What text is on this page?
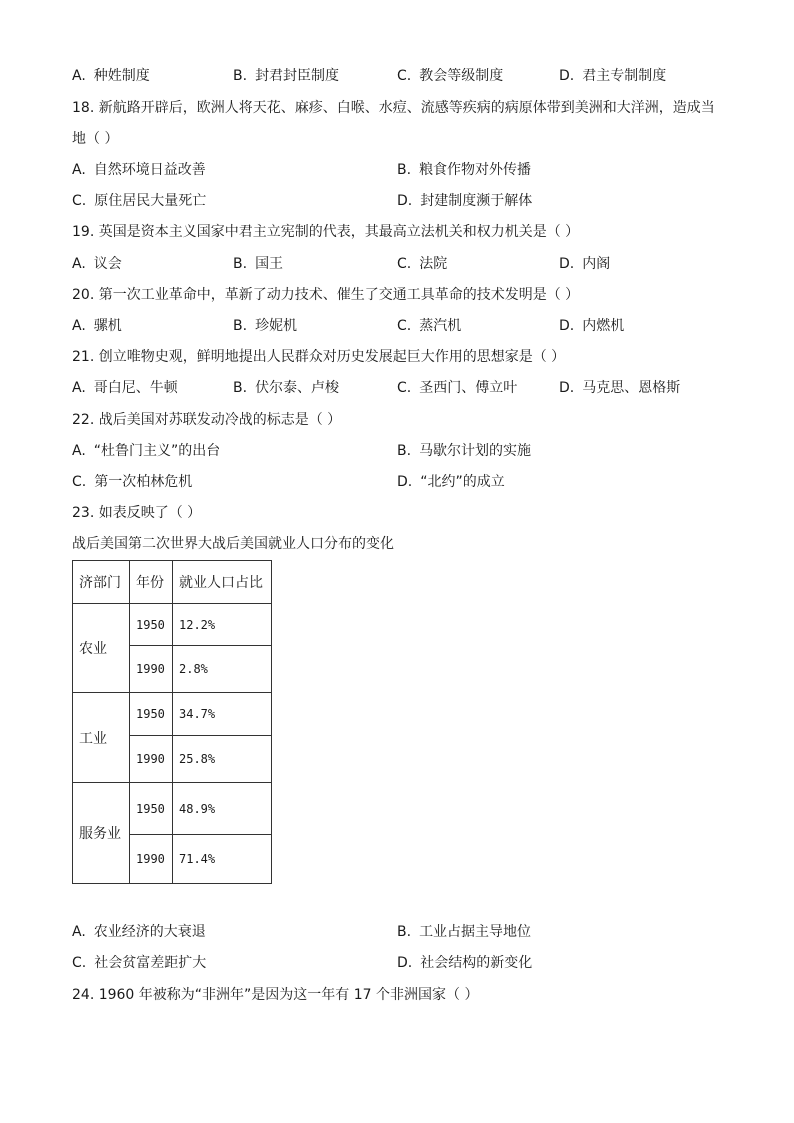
A. 种姓制度	B. 封君封臣制度	C. 教会等级制度	D. 君主专制制度
18. 新航路开辟后，欧洲人将天花、麻疹、白喉、水痘、流感等疾病的病原体带到美洲和大洋洲，造成当
地（ ）
A. 自然环境日益改善	B. 粮食作物对外传播
C. 原住居民大量死亡	D. 封建制度濒于解体
19. 英国是资本主义国家中君主立宪制的代表，其最高立法机关和权力机关是（ ）
A. 议会	B. 国王	C. 法院	D. 内阁
20. 第一次工业革命中，革新了动力技术、催生了交通工具革命的技术发明是（ ）
A. 骡机	B. 珍妮机	C. 蒸汽机	D. 内燃机
21. 创立唯物史观，鲜明地提出人民群众对历史发展起巨大作用的思想家是（ ）
A. 哥白尼、牛顿	B. 伏尔泰、卢梭	C. 圣西门、傅立叶	D. 马克思、恩格斯
22. 战后美国对苏联发动冷战的标志是（ ）
A. “杜鲁门主义”的出台	B. 马歇尔计划的实施
C. 第一次柏林危机	D. “北约”的成立
23. 如表反映了（ ）
战后美国第二次世界大战后美国就业人口分布的变化
济部门	年份	就业人口占比
农业	1950	12.2%
	1990	2.8%
工业	1950	34.7%
	1990	25.8%
服务业	1950	48.9%
	1990	71.4%
A. 农业经济的大衰退	B. 工业占据主导地位
C. 社会贫富差距扩大	D. 社会结构的新变化
24. 1960 年被称为“非洲年”是因为这一年有 17 个非洲国家（ ）
